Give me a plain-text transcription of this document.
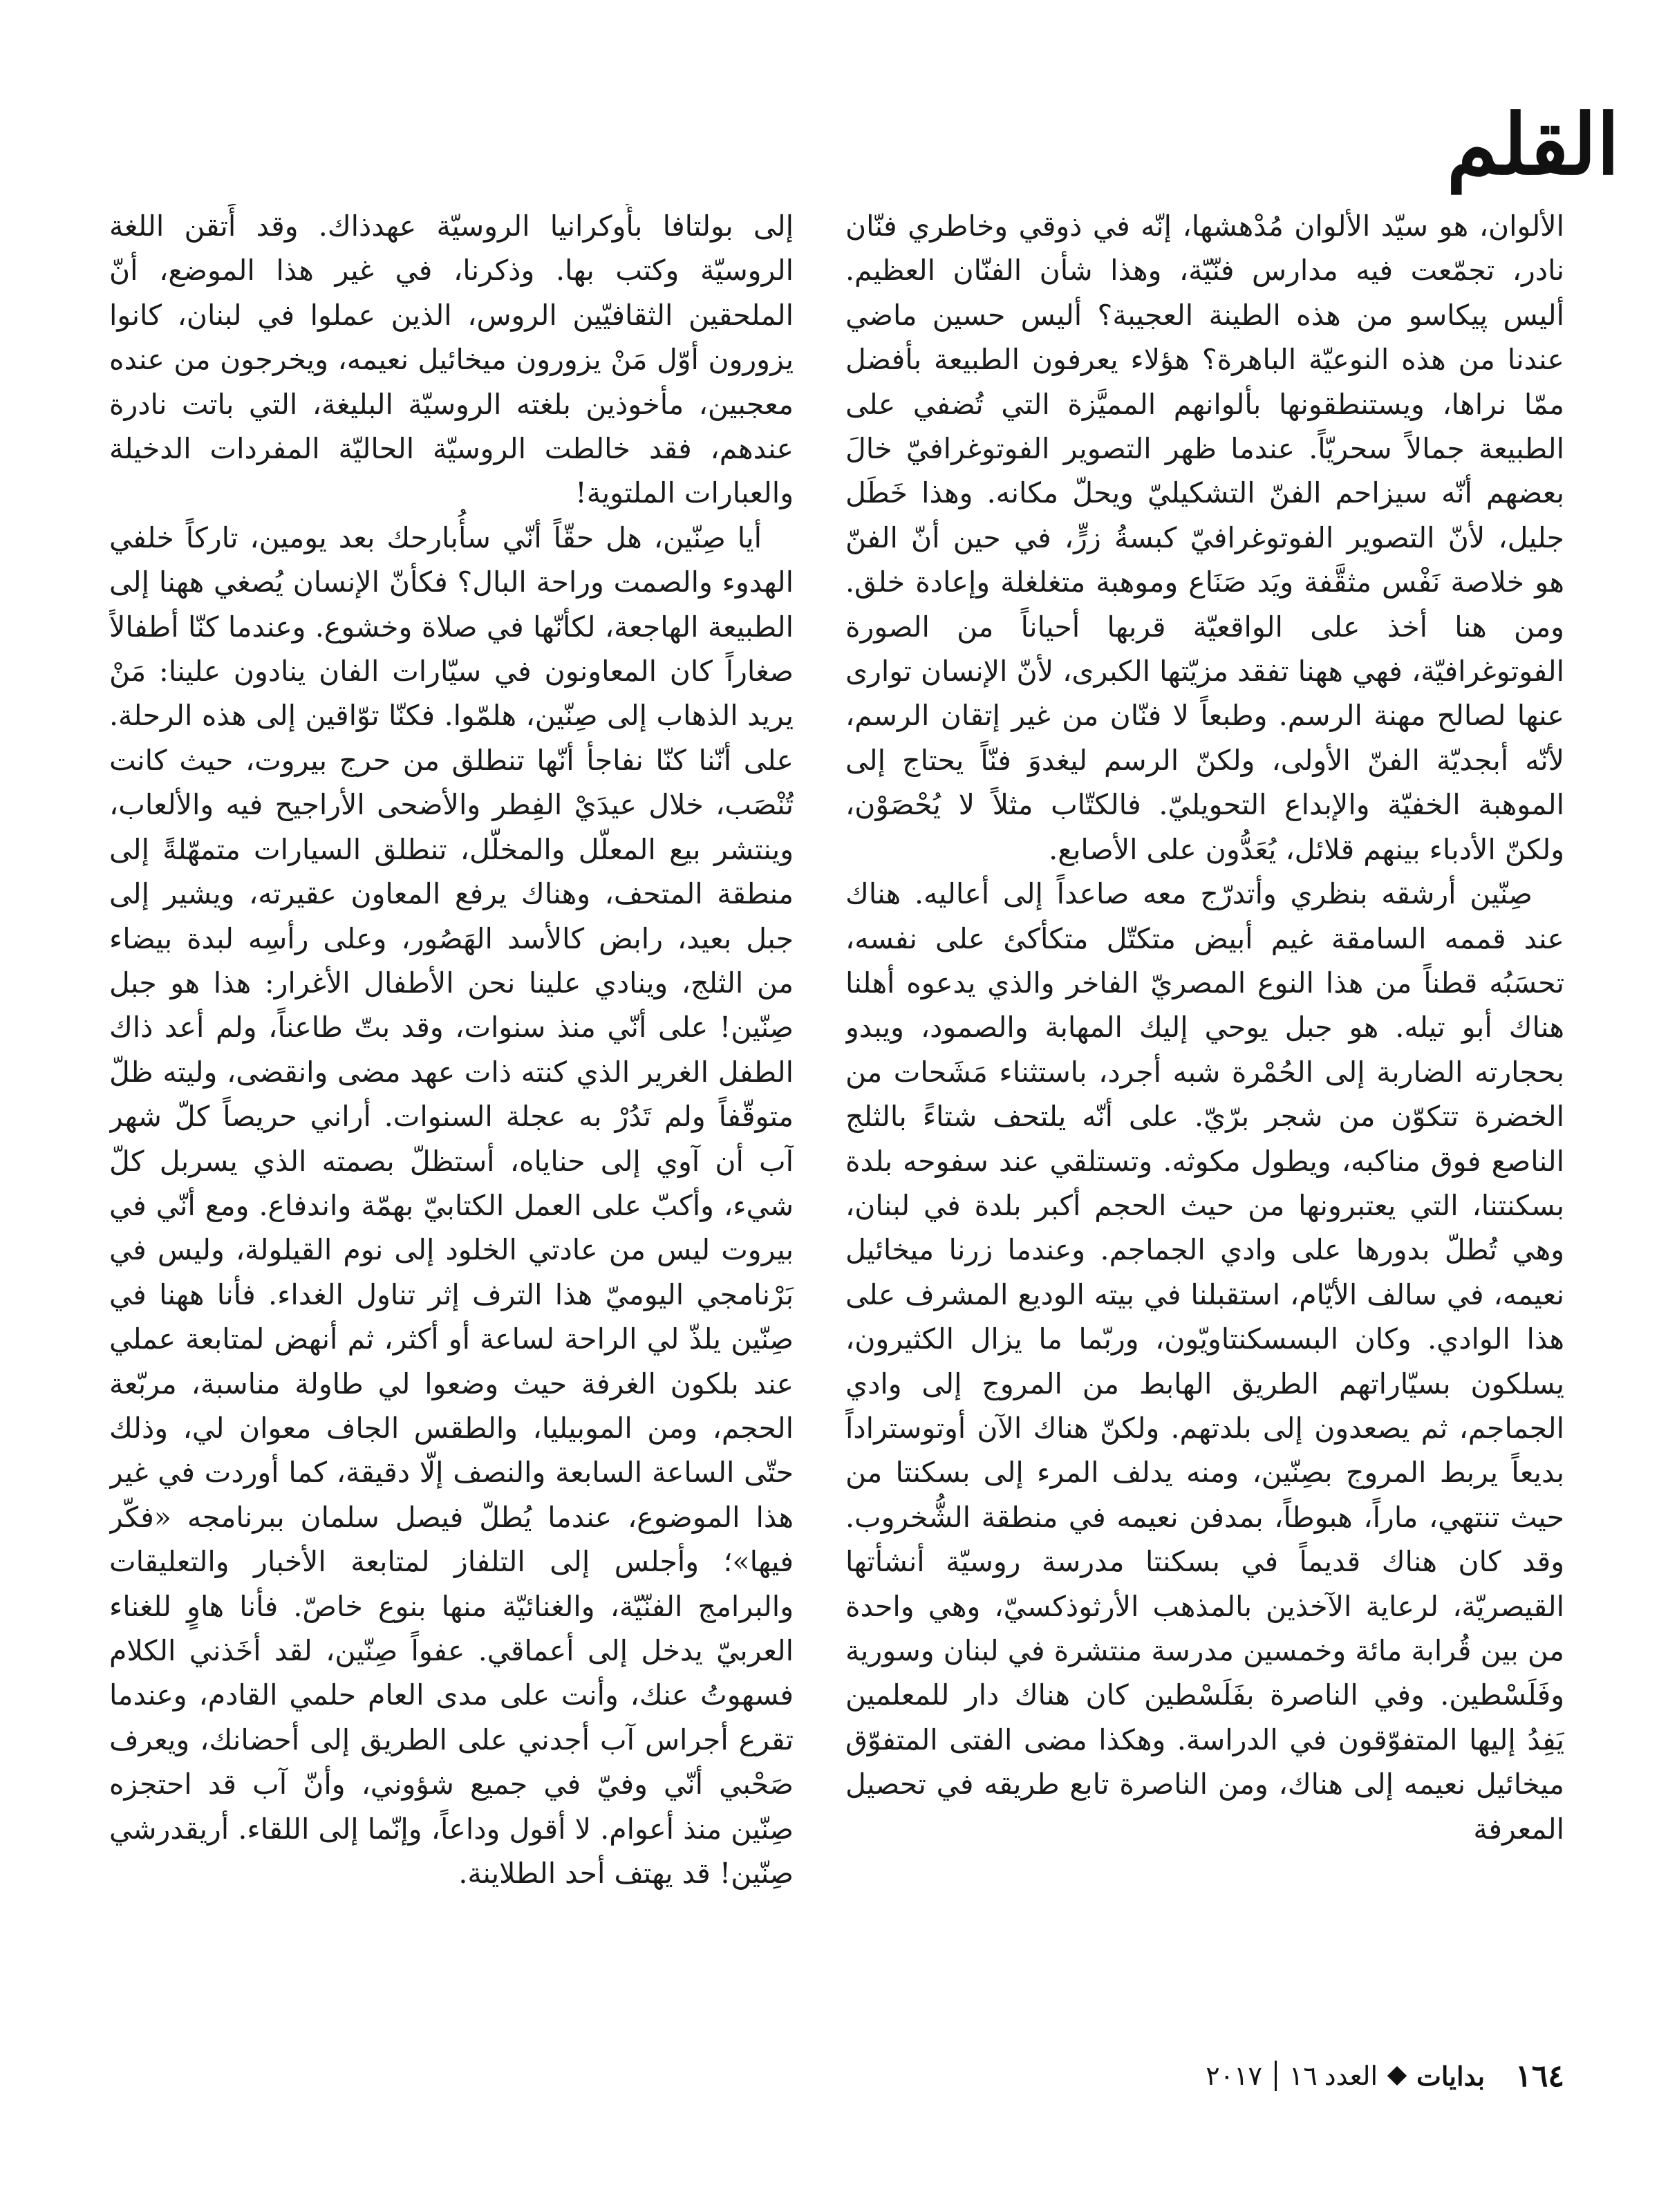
القلم

الألوان، هو سيّد الألوان مُدْهشها، إنّه في ذوقي وخاطري فنّان نادر، تجمّعت فيه مدارس فنّيّة، وهذا شأن الفنّان العظيم. أليس پيكاسو من هذه الطينة العجيبة؟ أليس حسين ماضي عندنا من هذه النوعيّة الباهرة؟ هؤلاء يعرفون الطبيعة بأفضل ممّا نراها، ويستنطقونها بألوانهم المميَّزة التي تُضفي على الطبيعة جمالاً سحريّاً. عندما ظهر التصوير الفوتوغرافيّ خالَ بعضهم أنّه سيزاحم الفنّ التشكيليّ ويحلّ مكانه. وهذا خَطَل جليل، لأنّ التصوير الفوتوغرافيّ كبسةُ زرٍّ، في حين أنّ الفنّ هو خلاصة نَفْس مثقَّفة ويَد صَنَاع وموهبة متغلغلة وإعادة خلق. ومن هنا أخذ على الواقعيّة قربها أحياناً من الصورة الفوتوغرافيّة، فهي ههنا تفقد مزيّتها الكبرى، لأنّ الإنسان توارى عنها لصالح مهنة الرسم. وطبعاً لا فنّان من غير إتقان الرسم، لأنّه أبجديّة الفنّ الأولى، ولكنّ الرسم ليغدوَ فنّاً يحتاج إلى الموهبة الخفيّة والإبداع التحويليّ. فالكتّاب مثلاً لا يُحْصَوْن، ولكنّ الأدباء بينهم قلائل، يُعَدُّون على الأصابع.

صِنّين أرشقه بنظري وأتدرّج معه صاعداً إلى أعاليه. هناك عند قممه السامقة غيم أبيض متكتّل متكأكئ على نفسه، تحسَبُه قطناً من هذا النوع المصريّ الفاخر والذي يدعوه أهلنا هناك أبو تيله. هو جبل يوحي إليك المهابة والصمود، ويبدو بحجارته الضاربة إلى الحُمْرة شبه أجرد، باستثناء مَشَحات من الخضرة تتكوّن من شجر برّيّ. على أنّه يلتحف شتاءً بالثلج الناصع فوق مناكبه، ويطول مكوثه. وتستلقي عند سفوحه بلدة بسكنتنا، التي يعتبرونها من حيث الحجم أكبر بلدة في لبنان، وهي تُطلّ بدورها على وادي الجماجم. وعندما زرنا ميخائيل نعيمه، في سالف الأيّام، استقبلنا في بيته الوديع المشرف على هذا الوادي. وكان البسسكنتاويّون، وربّما ما يزال الكثيرون، يسلكون بسيّاراتهم الطريق الهابط من المروج إلى وادي الجماجم، ثم يصعدون إلى بلدتهم. ولكنّ هناك الآن أوتوستراداً بديعاً يربط المروج بصِنّين، ومنه يدلف المرء إلى بسكنتا من حيث تنتهي، ماراً، هبوطاً، بمدفن نعيمه في منطقة الشُّخروب. وقد كان هناك قديماً في بسكنتا مدرسة روسيّة أنشأتها القيصريّة، لرعاية الآخذين بالمذهب الأرثوذكسيّ، وهي واحدة من بين قُرابة مائة وخمسين مدرسة منتشرة في لبنان وسورية وفَلَسْطين. وفي الناصرة بفَلَسْطين كان هناك دار للمعلمين يَفِدُ إليها المتفوّقون في الدراسة. وهكذا مضى الفتى المتفوّق ميخائيل نعيمه إلى هناك، ومن الناصرة تابع طريقه في تحصيل المعرفة

إلى بولتافا بأُوكرانيا الروسيّة عهدذاك. وقد أَتقن اللغة الروسيّة وكتب بها. وذكرنا، في غير هذا الموضع، أنّ الملحقين الثقافيّين الروس، الذين عملوا في لبنان، كانوا يزورون أوّل مَنْ يزورون ميخائيل نعيمه، ويخرجون من عنده معجبين، مأخوذين بلغته الروسيّة البليغة، التي باتت نادرة عندهم، فقد خالطت الروسيّة الحاليّة المفردات الدخيلة والعبارات الملتوية!

أيا صِنّين، هل حقّاً أنّي سأُبارحك بعد يومين، تاركاً خلفي الهدوء والصمت وراحة البال؟ فكأنّ الإنسان يُصغي ههنا إلى الطبيعة الهاجعة، لكأنّها في صلاة وخشوع. وعندما كنّا أطفالاً صغاراً كان المعاونون في سيّارات الفان ينادون علينا: مَنْ يريد الذهاب إلى صِنّين، هلمّوا. فكنّا توّاقين إلى هذه الرحلة. على أنّنا كنّا نفاجأ أنّها تنطلق من حرج بيروت، حيث كانت تُنْصَب، خلال عيدَيْ الفِطر والأضحى الأراجيح فيه والألعاب، وينتشر بيع المعلّل والمخلّل، تنطلق السيارات متمهّلةً إلى منطقة المتحف، وهناك يرفع المعاون عقيرته، ويشير إلى جبل بعيد، رابض كالأسد الهَصُور، وعلى رأسِه لبدة بيضاء من الثلج، وينادي علينا نحن الأطفال الأغرار: هذا هو جبل صِنّين! على أنّي منذ سنوات، وقد بتّ طاعناً، ولم أعد ذاك الطفل الغرير الذي كنته ذات عهد مضى وانقضى، وليته ظلّ متوقّفاً ولم تَدُرْ به عجلة السنوات. أراني حريصاً كلّ شهر آب أن آوي إلى حناياه، أستظلّ بصمته الذي يسربل كلّ شيء، وأكبّ على العمل الكتابيّ بهمّة واندفاع. ومع أنّي في بيروت ليس من عادتي الخلود إلى نوم القيلولة، وليس في بَرْنامجي اليوميّ هذا الترف إثر تناول الغداء. فأنا ههنا في صِنّين يلذّ لي الراحة لساعة أو أكثر، ثم أنهض لمتابعة عملي عند بلكون الغرفة حيث وضعوا لي طاولة مناسبة، مربّعة الحجم، ومن الموبيليا، والطقس الجاف معوان لي، وذلك حتّى الساعة السابعة والنصف إلّا دقيقة، كما أوردت في غير هذا الموضوع، عندما يُطلّ فيصل سلمان ببرنامجه «فكّر فيها»؛ وأجلس إلى التلفاز لمتابعة الأخبار والتعليقات والبرامج الفنّيّة، والغنائيّة منها بنوع خاصّ. فأنا هاوٍ للغناء العربيّ يدخل إلى أعماقي. عفواً صِنّين، لقد أخَذني الكلام فسهوتُ عنك، وأنت على مدى العام حلمي القادم، وعندما تقرع أجراس آب أجدني على الطريق إلى أحضانك، ويعرف صَحْبي أنّي وفيّ في جميع شؤوني، وأنّ آب قد احتجزه صِنّين منذ أعوام. لا أقول وداعاً، وإنّما إلى اللقاء. أريقدرشي صِنّين! قد يهتف أحد الطلاينة.

١٦٤
بدايات
العدد
١٦
٢٠١٧
